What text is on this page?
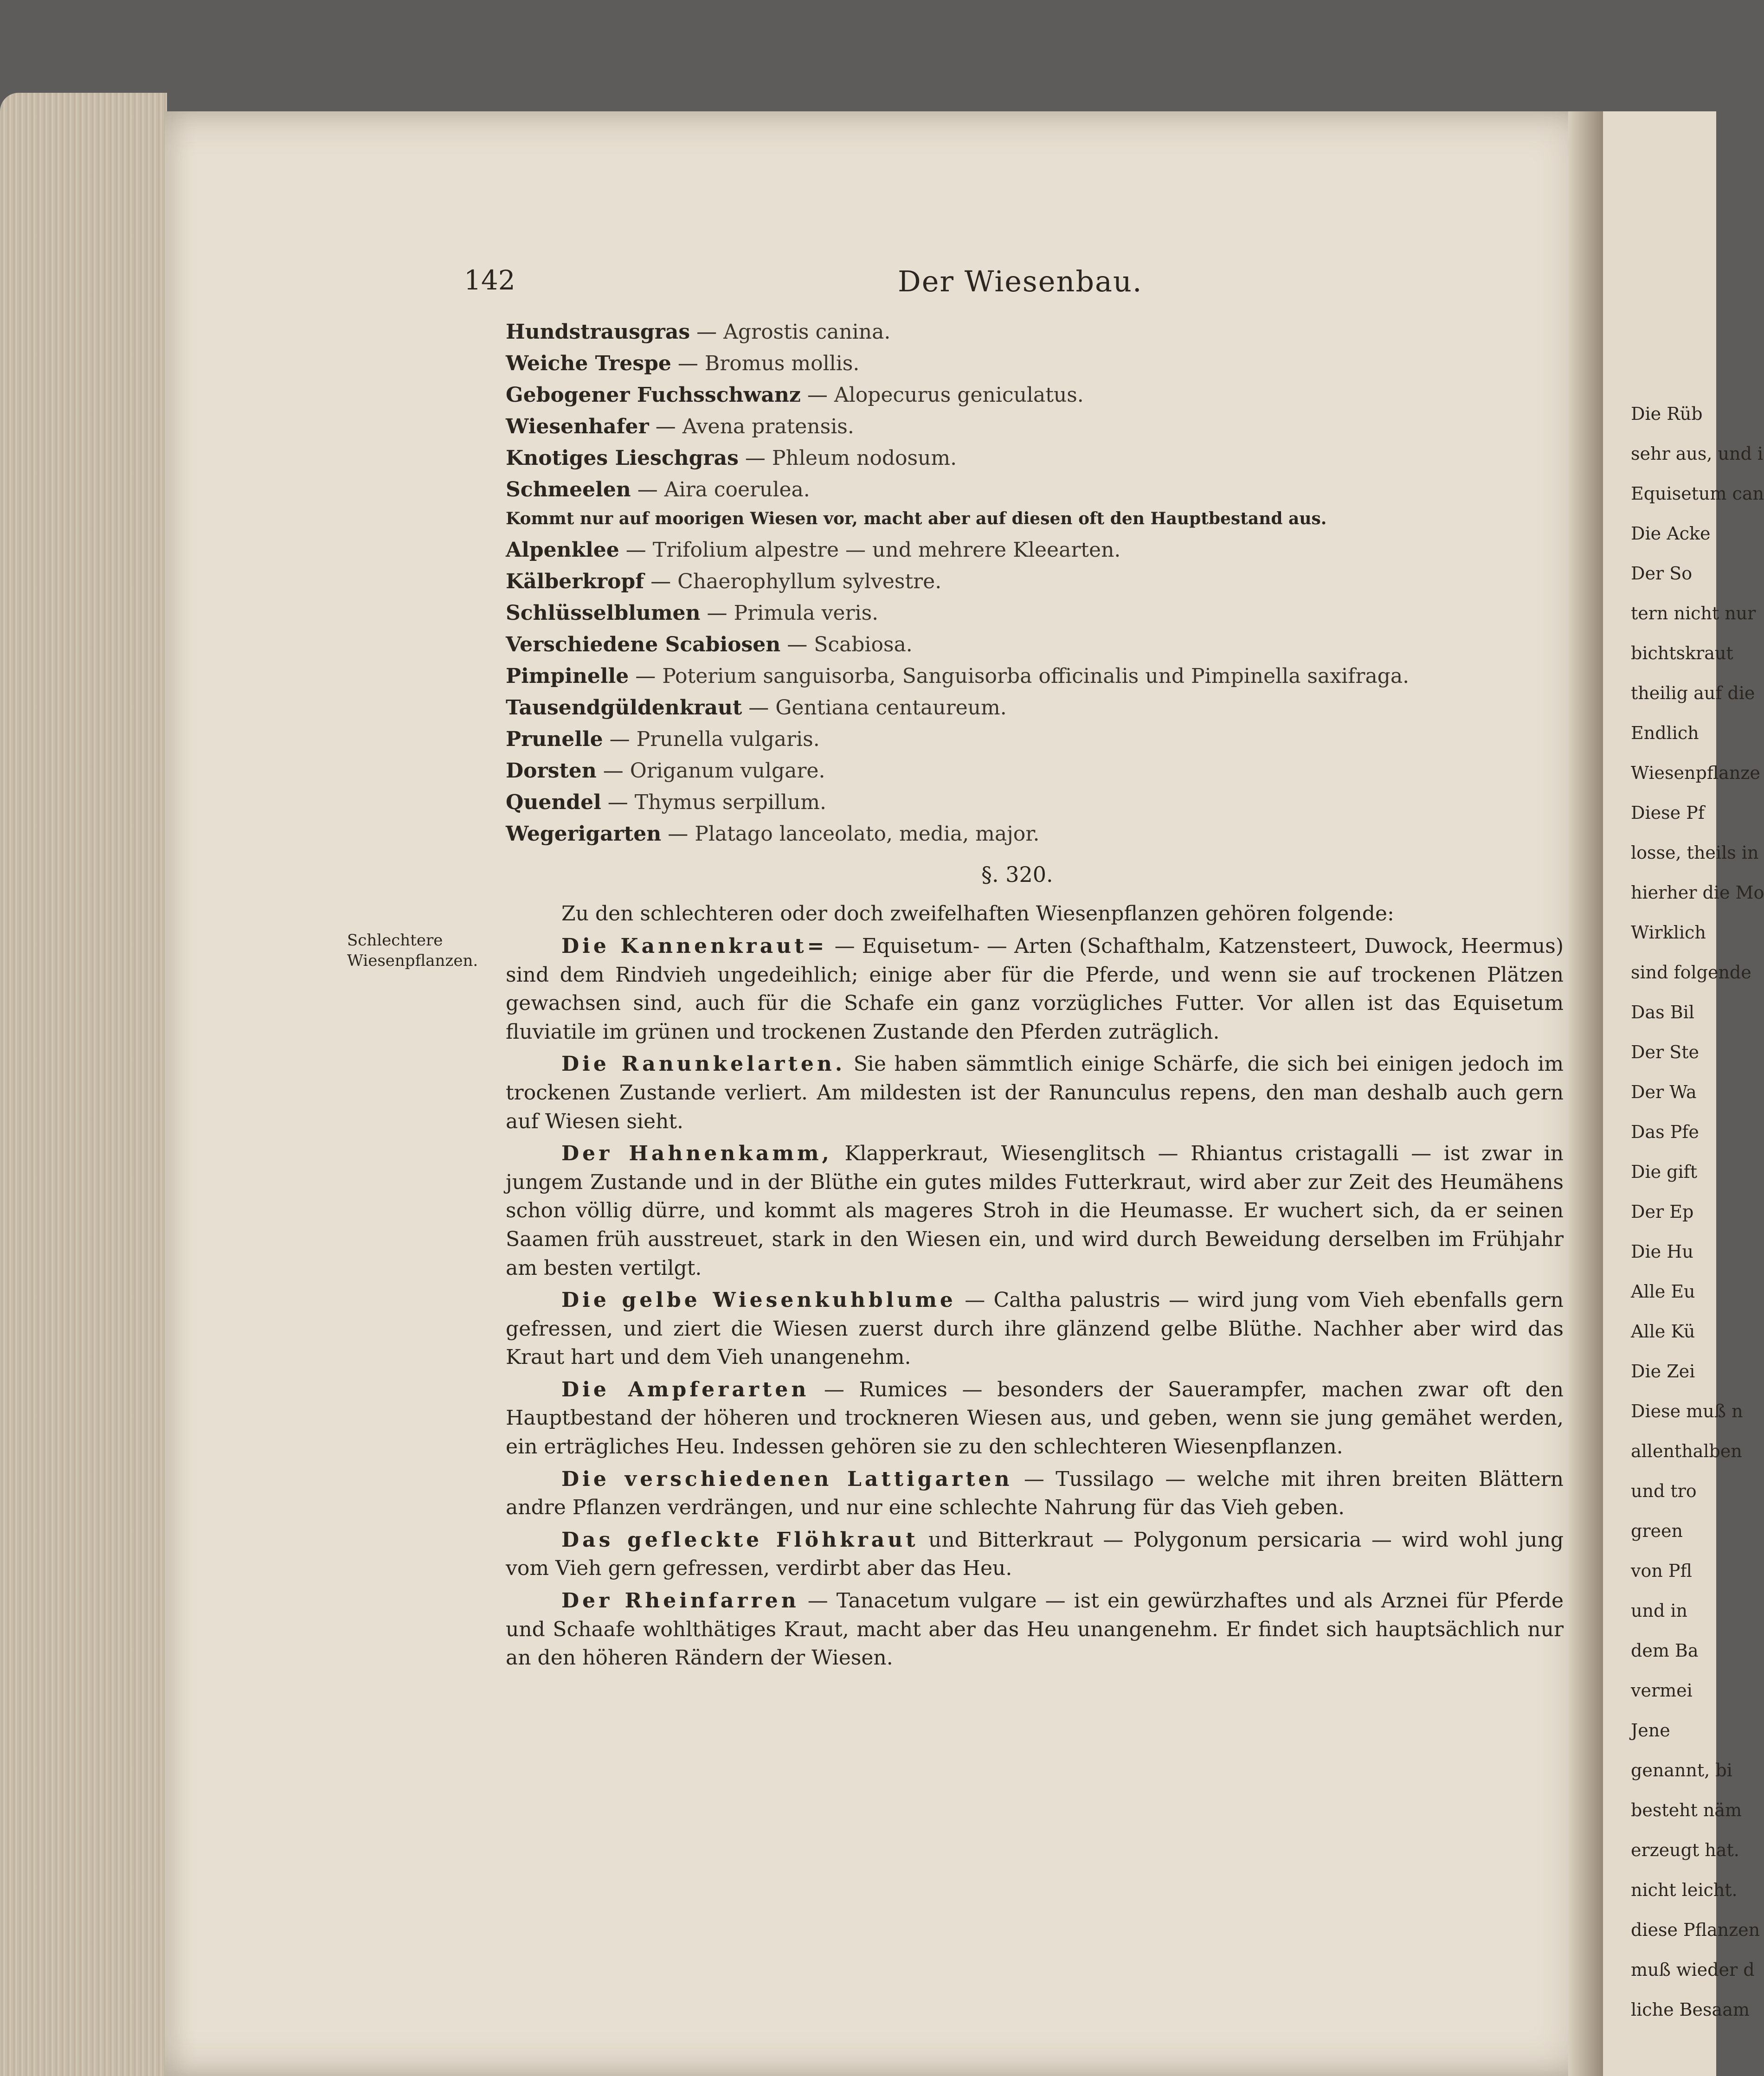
Die Rüb
sehr aus, und i
Equisetum can
Die Acke
Der So
tern nicht nur
bichtskraut
theilig auf die
Endlich
Wiesenpflanze
Diese Pf
losse, theils in
hierher die Mo
Wirklich
sind folgende
Das Bil
Der Ste
Der Wa
Das Pfe
Die gift
Der Ep
Die Hu
Alle Eu
Alle Kü
Die Zei
Diese muß n
allenthalben
und tro
green
von Pfl
und in
dem Ba
vermei
Jene
genannt, bi
besteht näm
erzeugt hat.
nicht leicht.
diese Pflanzen
muß wieder d
liche Besaam
142	Der Wiesenbau.
Schlechtere Wiesenpflanzen.
Hundstrausgras — Agrostis canina.
Weiche Trespe — Bromus mollis.
Gebogener Fuchsschwanz — Alopecurus geniculatus.
Wiesenhafer — Avena pratensis.
Knotiges Liesch​gras — Phleum nodosum.
Schmeelen — Aira coerulea.
Kommt nur auf moorigen Wiesen vor, macht aber auf diesen oft den Hauptbestand aus.
Alpenklee — Trifolium alpestre — und mehrere Kleearten.
Kälberkropf — Chaerophyllum sylvestre.
Schlüsselblumen — Primula veris.
Verschiedene Scabiosen — Scabiosa.
Pimpinelle — Poterium sanguisorba, Sanguisorba officinalis und Pimpinella saxifraga.
Tausendgüldenkraut — Gentiana centaureum.
Prunelle — Prunella vulgaris.
Dorsten — Origanum vulgare.
Quendel — Thymus serpillum.
Wegerigarten — Platago lanceolato, media, major.
§. 320.
Zu den schlechteren oder doch zweifelhaften Wiesenpflanzen gehören folgende:
Die Kannenkraut= — Equisetum- — Arten (Schafthalm, Katzensteert, Duwock, Heermus) sind dem Rindvieh ungedeihlich; einige aber für die Pferde, und wenn sie auf trockenen Plätzen gewachsen sind, auch für die Schafe ein ganz vorzügliches Futter. Vor allen ist das Equisetum fluviatile im grünen und trockenen Zustande den Pferden zuträglich.
Die Ranunkelarten. Sie haben sämmtlich einige Schärfe, die sich bei einigen jedoch im trockenen Zustande verliert. Am mildesten ist der Ranunculus repens, den man deshalb auch gern auf Wiesen sieht.
Der Hahnenkamm, Klapperkraut, Wiesenglitsch — Rhiantus cristagalli — ist zwar in jungem Zustande und in der Blüthe ein gutes mildes Futterkraut, wird aber zur Zeit des Heumähens schon völlig dürre, und kommt als mageres Stroh in die Heumasse. Er wuchert sich, da er seinen Saamen früh ausstreuet, stark in den Wiesen ein, und wird durch Beweidung derselben im Frühjahr am besten vertilgt.
Die gelbe Wiesenkuhblume — Caltha palustris — wird jung vom Vieh ebenfalls gern gefressen, und ziert die Wiesen zuerst durch ihre glänzend gelbe Blüthe. Nachher aber wird das Kraut hart und dem Vieh unangenehm.
Die Ampferarten — Rumices — besonders der Sauerampfer, machen zwar oft den Hauptbestand der höheren und trockneren Wiesen aus, und geben, wenn sie jung gemähet werden, ein erträgliches Heu. Indessen gehören sie zu den schlechteren Wiesenpflanzen.
Die verschiedenen Lattigarten — Tussilago — welche mit ihren breiten Blättern andre Pflanzen verdrängen, und nur eine schlechte Nahrung für das Vieh geben.
Das gefleckte Flöhkraut und Bitterkraut — Polygonum persicaria — wird wohl jung vom Vieh gern gefressen, verdirbt aber das Heu.
Der Rheinfarren — Tanacetum vulgare — ist ein gewürzhaftes und als Arznei für Pferde und Schaafe wohlthätiges Kraut, macht aber das Heu unangenehm. Er findet sich hauptsächlich nur an den höheren Rändern der Wiesen.
